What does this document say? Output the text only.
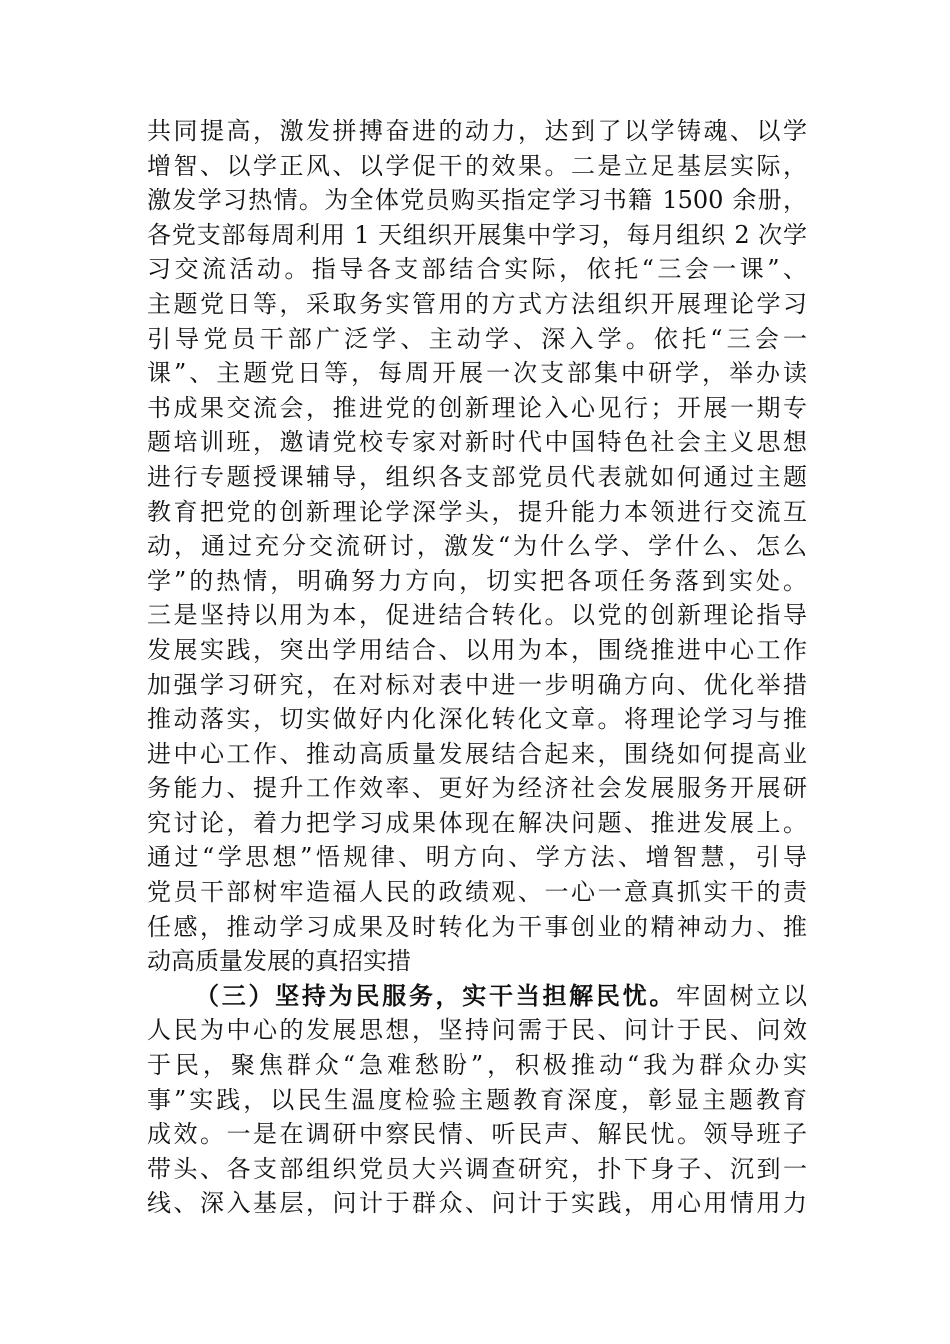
共同提高，激发拼搏奋进的动力，达到了以学铸魂、以学
增智、以学正风、以学促干的效果。二是立足基层实际，
激发学习热情。为全体党员购买指定学习书籍 1500 余册，
各党支部每周利用 1 天组织开展集中学习，每月组织 2 次学
习交流活动。指导各支部结合实际，依托“三会一课”、
主题党日等，采取务实管用的方式方法组织开展理论学习
引导党员干部广泛学、主动学、深入学。依托“三会一
课”、主题党日等，每周开展一次支部集中研学，举办读
书成果交流会，推进党的创新理论入心见行；开展一期专
题培训班，邀请党校专家对新时代中国特色社会主义思想
进行专题授课辅导，组织各支部党员代表就如何通过主题
教育把党的创新理论学深学头，提升能力本领进行交流互
动，通过充分交流研讨，激发“为什么学、学什么、怎么
学”的热情，明确努力方向，切实把各项任务落到实处。
三是坚持以用为本，促进结合转化。以党的创新理论指导
发展实践，突出学用结合、以用为本，围绕推进中心工作
加强学习研究，在对标对表中进一步明确方向、优化举措
推动落实，切实做好内化深化转化文章。将理论学习与推
进中心工作、推动高质量发展结合起来，围绕如何提高业
务能力、提升工作效率、更好为经济社会发展服务开展研
究讨论，着力把学习成果体现在解决问题、推进发展上。
通过“学思想”悟规律、明方向、学方法、增智慧，引导
党员干部树牢造福人民的政绩观、一心一意真抓实干的责
任感，推动学习成果及时转化为干事创业的精神动力、推
动高质量发展的真招实措
（三）坚持为民服务，实干当担解民忧。牢固树立以
人民为中心的发展思想，坚持问需于民、问计于民、问效
于民，聚焦群众“急难愁盼”，积极推动“我为群众办实
事”实践，以民生温度检验主题教育深度，彰显主题教育
成效。一是在调研中察民情、听民声、解民忧。领导班子
带头、各支部组织党员大兴调查研究，扑下身子、沉到一
线、深入基层，问计于群众、问计于实践，用心用情用力
